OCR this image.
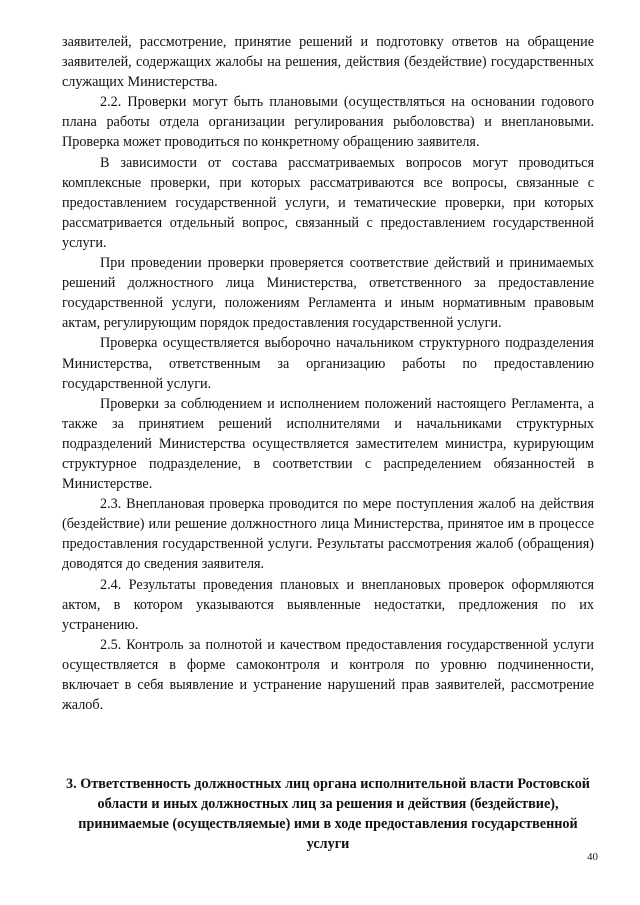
заявителей, рассмотрение, принятие решений и подготовку ответов на обращение заявителей, содержащих жалобы на решения, действия (бездействие) государственных служащих Министерства.

2.2. Проверки могут быть плановыми (осуществляться на основании годового плана работы отдела организации регулирования рыболовства) и внеплановыми. Проверка может проводиться по конкретному обращению заявителя.

В зависимости от состава рассматриваемых вопросов могут проводиться комплексные проверки, при которых рассматриваются все вопросы, связанные с предоставлением государственной услуги, и тематические проверки, при которых рассматривается отдельный вопрос, связанный с предоставлением государственной услуги.

При проведении проверки проверяется соответствие действий и принимаемых решений должностного лица Министерства, ответственного за предоставление государственной услуги, положениям Регламента и иным нормативным правовым актам, регулирующим порядок предоставления государственной услуги.

Проверка осуществляется выборочно начальником структурного подразделения Министерства, ответственным за организацию работы по предоставлению государственной услуги.

Проверки за соблюдением и исполнением положений настоящего Регламента, а также за принятием решений исполнителями и начальниками структурных подразделений Министерства осуществляется заместителем министра, курирующим структурное подразделение, в соответствии с распределением обязанностей в Министерстве.

2.3. Внеплановая проверка проводится по мере поступления жалоб на действия (бездействие) или решение должностного лица Министерства, принятое им в процессе предоставления государственной услуги. Результаты рассмотрения жалоб (обращения) доводятся до сведения заявителя.

2.4. Результаты проведения плановых и внеплановых проверок оформляются актом, в котором указываются выявленные недостатки, предложения по их устранению.

2.5. Контроль за полнотой и качеством предоставления государственной услуги осуществляется в форме самоконтроля и контроля по уровню подчиненности, включает в себя выявление и устранение нарушений прав заявителей, рассмотрение жалоб.

3. Ответственность должностных лиц органа исполнительной власти Ростовской области и иных должностных лиц за решения и действия (бездействие), принимаемые (осуществляемые) ими в ходе предоставления государственной услуги
40
